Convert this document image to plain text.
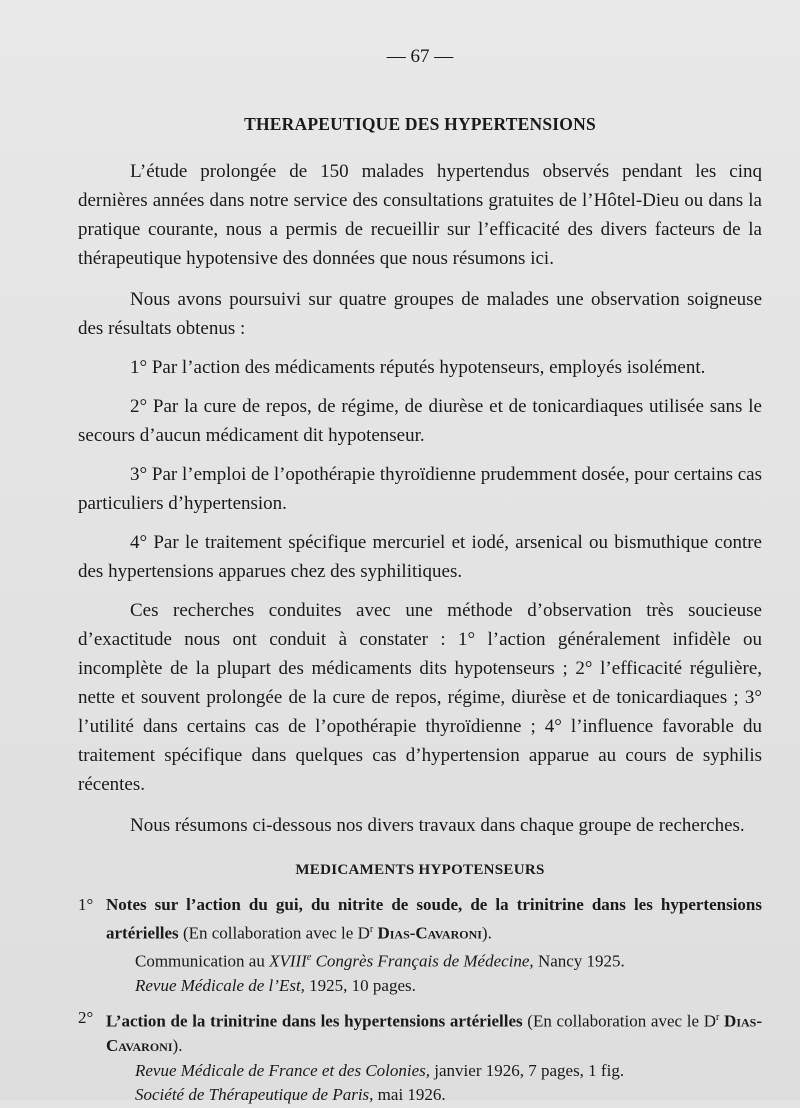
— 67 —
THERAPEUTIQUE DES HYPERTENSIONS

L’étude prolongée de 150 malades hypertendus observés pendant les cinq dernières années dans notre service des consultations gratuites de l’Hôtel-Dieu ou dans la pratique courante, nous a permis de recueillir sur l’efficacité des divers facteurs de la thérapeutique hypotensive des données que nous résumons ici.

Nous avons poursuivi sur quatre groupes de malades une observation soigneuse des résultats obtenus :

1° Par l’action des médicaments réputés hypotenseurs, employés isolément.

2° Par la cure de repos, de régime, de diurèse et de tonicardiaques utilisée sans le secours d’aucun médicament dit hypotenseur.

3° Par l’emploi de l’opothérapie thyroïdienne prudemment dosée, pour certains cas particuliers d’hypertension.

4° Par le traitement spécifique mercuriel et iodé, arsenical ou bismuthique contre des hypertensions apparues chez des syphilitiques.

Ces recherches conduites avec une méthode d’observation très soucieuse d’exactitude nous ont conduit à constater : 1° l’action généralement infidèle ou incomplète de la plupart des médicaments dits hypotenseurs ; 2° l’efficacité régulière, nette et souvent prolongée de la cure de repos, régime, diurèse et de tonicardiaques ; 3° l’utilité dans certains cas de l’opothérapie thyroïdienne ; 4° l’influence favorable du traitement spécifique dans quelques cas d’hypertension apparue au cours de syphilis récentes.

Nous résumons ci-dessous nos divers travaux dans chaque groupe de recherches.

MEDICAMENTS HYPOTENSEURS
1° Notes sur l’action du gui, du nitrite de soude, de la trinitrine dans les hypertensions artérielles (En collaboration avec le $D^r$ Dias-Cavaroni).
Communication au XVIIIe Congrès Français de Médecine, Nancy 1925.
Revue Médicale de l’Est, 1925, 10 pages.
2° L’action de la trinitrine dans les hypertensions artérielles (En collaboration avec le $D^r$ Dias-Cavaroni).
Revue Médicale de France et des Colonies, janvier 1926, 7 pages, 1 fig.
Société de Thérapeutique de Paris, mai 1926.
